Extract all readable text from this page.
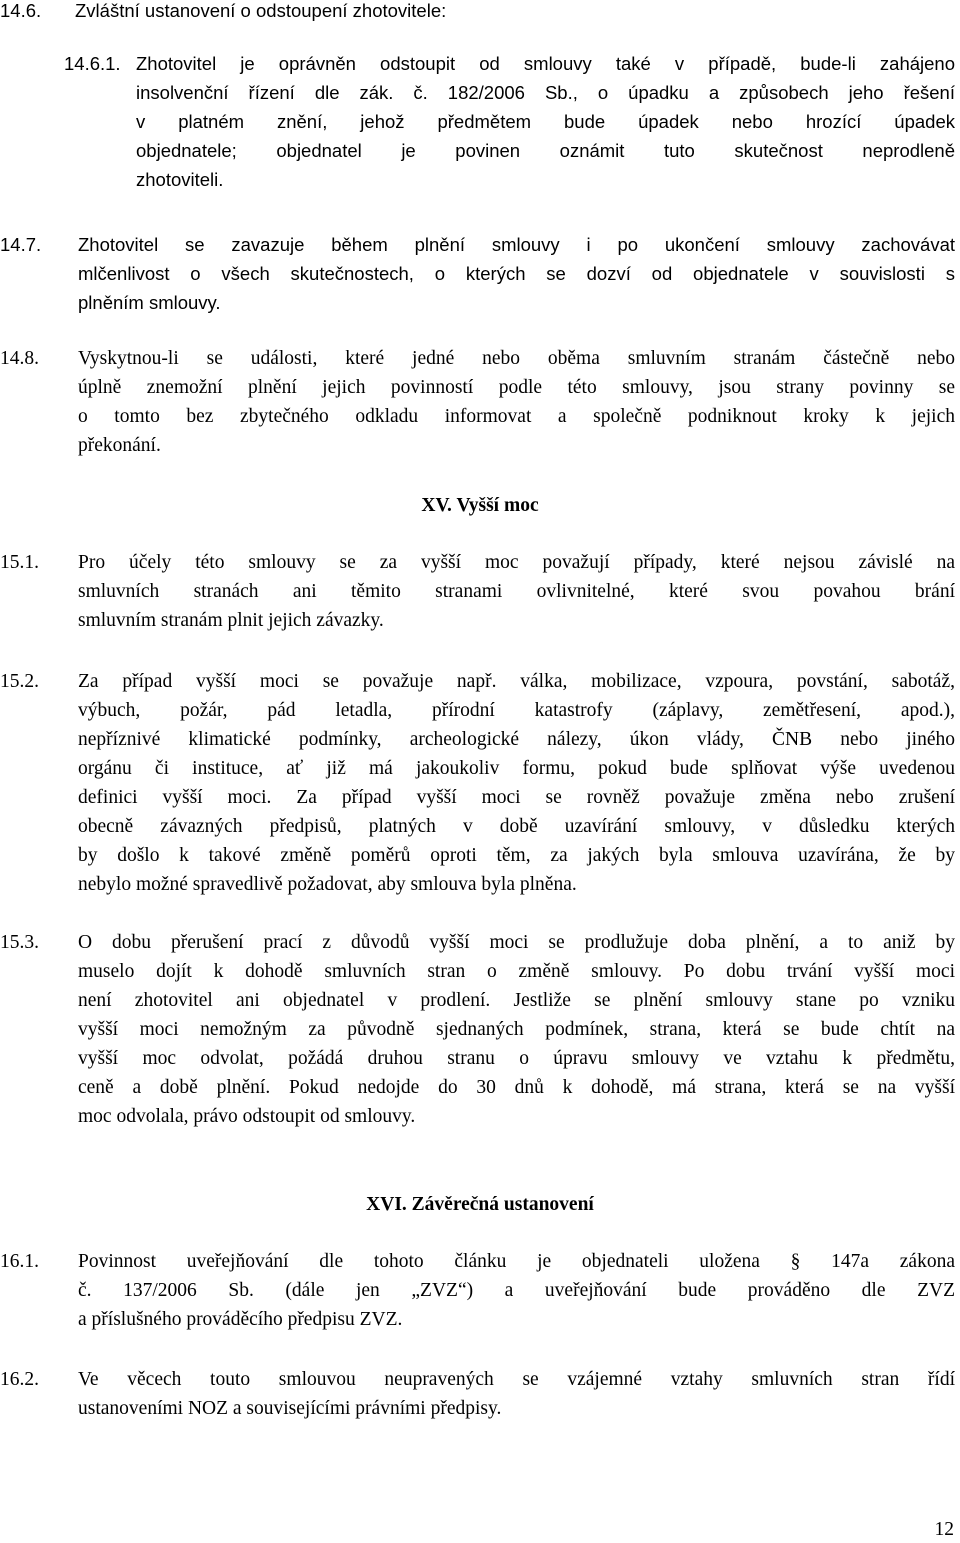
14.6. Zvláštní ustanovení o odstoupení zhotovitele:
14.6.1. Zhotovitel je oprávněn odstoupit od smlouvy také v případě, bude-li zahájeno
insolvenční řízení dle zák. č. 182/2006 Sb., o úpadku a způsobech jeho řešení
v platném znění, jehož předmětem bude úpadek nebo hrozící úpadek
objednatele; objednatel je povinen oznámit tuto skutečnost neprodleně
zhotoviteli.
14.7. Zhotovitel se zavazuje během plnění smlouvy i po ukončení smlouvy zachovávat
mlčenlivost o všech skutečnostech, o kterých se dozví od objednatele v souvislosti s
plněním smlouvy.
14.8. Vyskytnou-li se události, které jedné nebo oběma smluvním stranám částečně nebo
úplně znemožní plnění jejich povinností podle této smlouvy, jsou strany povinny se
o tomto bez zbytečného odkladu informovat a společně podniknout kroky k jejich
překonání.
XV. Vyšší moc
15.1. Pro účely této smlouvy se za vyšší moc považují případy, které nejsou závislé na
smluvních stranách ani těmito stranami ovlivnitelné, které svou povahou brání
smluvním stranám plnit jejich závazky.
15.2. Za případ vyšší moci se považuje např. válka, mobilizace, vzpoura, povstání, sabotáž,
výbuch, požár, pád letadla, přírodní katastrofy (záplavy, zemětřesení, apod.),
nepříznivé klimatické podmínky, archeologické nálezy, úkon vlády, ČNB nebo jiného
orgánu či instituce, ať již má jakoukoliv formu, pokud bude splňovat výše uvedenou
definici vyšší moci. Za případ vyšší moci se rovněž považuje změna nebo zrušení
obecně závazných předpisů, platných v době uzavírání smlouvy, v důsledku kterých
by došlo k takové změně poměrů oproti těm, za jakých byla smlouva uzavírána, že by
nebylo možné spravedlivě požadovat, aby smlouva byla plněna.
15.3. O dobu přerušení prací z důvodů vyšší moci se prodlužuje doba plnění, a to aniž by
muselo dojít k dohodě smluvních stran o změně smlouvy. Po dobu trvání vyšší moci
není zhotovitel ani objednatel v prodlení. Jestliže se plnění smlouvy stane po vzniku
vyšší moci nemožným za původně sjednaných podmínek, strana, která se bude chtít na
vyšší moc odvolat, požádá druhou stranu o úpravu smlouvy ve vztahu k předmětu,
ceně a době plnění. Pokud nedojde do 30 dnů k dohodě, má strana, která se na vyšší
moc odvolala, právo odstoupit od smlouvy.
XVI. Závěrečná ustanovení
16.1. Povinnost uveřejňování dle tohoto článku je objednateli uložena § 147a zákona
č. 137/2006 Sb. (dále jen „ZVZ“) a uveřejňování bude prováděno dle ZVZ
a příslušného prováděcího předpisu ZVZ.
16.2. Ve věcech touto smlouvou neupravených se vzájemné vztahy smluvních stran řídí
ustanoveními NOZ a souvisejícími právními předpisy.
12
